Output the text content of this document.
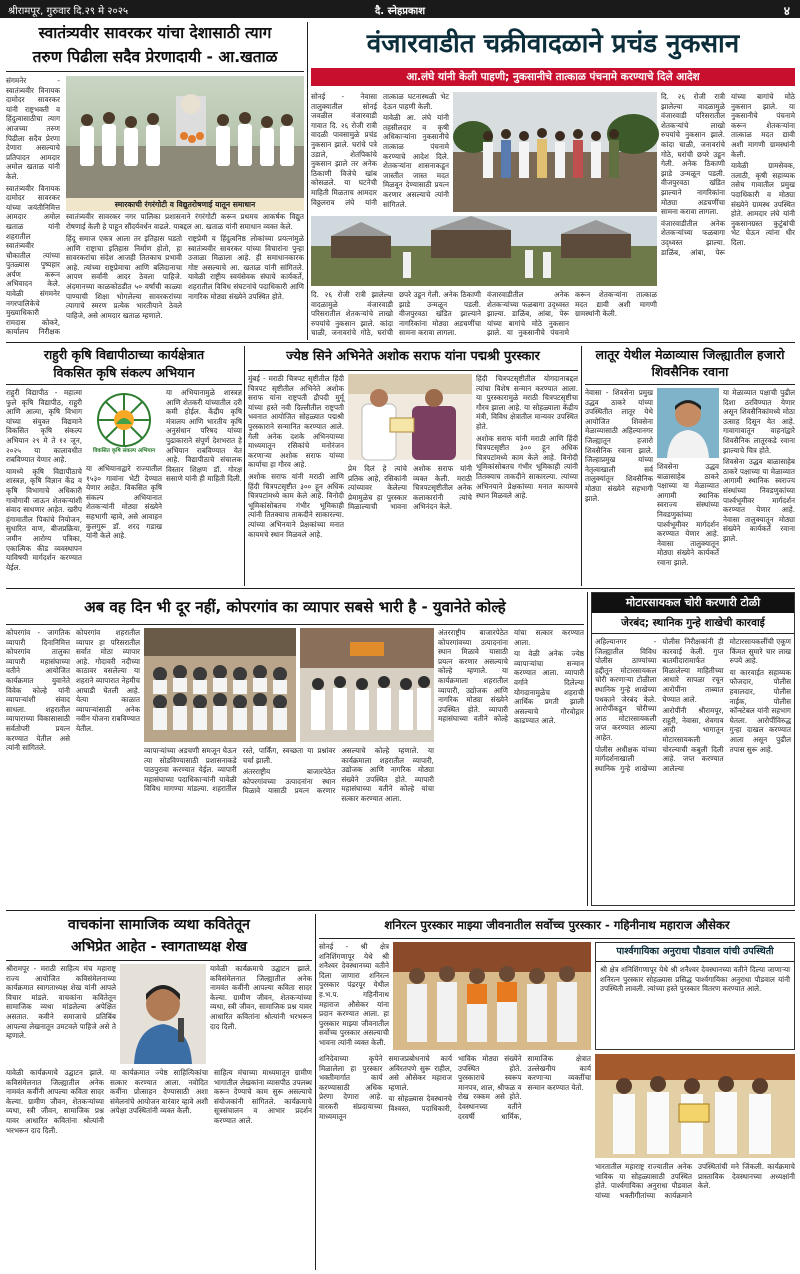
श्रीरामपूर, गुरुवार दि.२९ मे २०२५	दै. स्नेहप्रकाश	४
स्वातंत्र्यवीर सावरकर यांचा देशासाठी त्याग
तरुण पिढीला सदैव प्रेरणादायी - आ.खताळ

संगमनेर - स्वातंत्र्यवीर विनायक दामोदर सावरकर यांनी राष्ट्रभक्ती व हिंदुत्वासाठीचा त्याग आजच्या तरुण पिढीला सदैव प्रेरणा देणारा असल्याचे प्रतिपादन आमदार अमोल खताळ यांनी केले.

स्वातंत्र्यवीर विनायक दामोदर सावरकर यांच्या जयंतीनिमित्त आमदार अमोल खताळ यांनी शहरातील स्वातंत्र्यवीर चौकातील त्यांच्या पुतळ्यास पुष्पहार अर्पण करून अभिवादन केले. यावेळी संगमनेर नगरपालिकेचे मुख्याधिकारी रामदास कोकरे, कार्यालय निरीक्षक

स्मारकाची रंगरंगोटी व विद्युतरोषणाई यातून समाधान

स्वातंत्र्यवीर सावरकर नगर पालिका प्रशासनाने रंगरंगोटी करून प्रथमच आकर्षक विद्युत रोषणाई केली हे पाहून सौंदर्यवर्धन वाढले. याबद्दल आ. खताळ यांनी समाधान व्यक्त केले.

हिंदू समाज एकत्र आला तर इतिहास घडतो आणि राष्ट्राचा इतिहास निर्माण होतो, हा सावरकरांचा संदेश आजही तितकाच प्रभावी आहे. त्यांच्या राष्ट्रप्रेमाचा आणि बलिदानाचा आपण सर्वांनी आदर ठेवला पाहिजे. अंदमानच्या काळकोठडीत ५० वर्षांची काळ्या पाण्याची शिक्षा भोगलेल्या सावरकरांच्या त्यागाचे स्मरण प्रत्येक भारतीयाने ठेवले पाहिजे, असे आमदार खताळ म्हणाले.

राष्ट्रप्रेमी व हिंदुत्वनिष्ठ लोकांच्या प्रयत्नांमुळे स्वातंत्र्यवीर सावरकर यांच्या विचारांना पुन्हा उजाळा मिळाला आहे. ही समाधानकारक गोष्ट असल्याचे आ. खताळ यांनी सांगितले. यावेळी राष्ट्रीय स्वयंसेवक संघाचे कार्यकर्ते, शहरातील विविध संघटनांचे पदाधिकारी आणि नागरिक मोठ्या संख्येने उपस्थित होते.

वंजारवाडीत चक्रीवादळाने प्रचंड नुकसान
आ.लंघे यांनी केली पाहणी; नुकसानीचे तात्काळ पंचनामे करण्याचे दिले आदेश

सोनई - नेवासा तालुक्यातील सोनई जवळील वंजारवाडी गावात दि. २६ रोजी रात्री वादळी पावसामुळे प्रचंड नुकसान झाले. घरांचे पत्रे उडाले, शेतपिकांचे नुकसान झाले तर अनेक ठिकाणी विजेचे खांब कोसळले. या घटनेची माहिती मिळताच आमदार विठ्ठलराव लंघे यांनी तात्काळ घटनास्थळी भेट देऊन पाहणी केली.

यावेळी आ. लंघे यांनी तहसीलदार व कृषी अधिकाऱ्यांना नुकसानीचे तात्काळ पंचनामे करण्याचे आदेश दिले. शेतकऱ्यांना शासनाकडून जास्तीत जास्त मदत मिळवून देण्यासाठी प्रयत्न करणार असल्याचे त्यांनी सांगितले.

दि. २६ रोजी रात्री झालेल्या वादळामुळे वंजारवाडी परिसरातील शेतकऱ्यांचे लाखो रुपयांचे नुकसान झाले. कांदा चाळी, जनावरांचे गोठे, घरांची छपरे उडून गेली. अनेक ठिकाणी झाडे उन्मळून पडली. वीजपुरवठा खंडित झाल्याने नागरिकांना मोठ्या अडचणींचा सामना करावा लागला.

वंजारवाडीतील अनेक शेतकऱ्यांच्या फळबागा उद्ध्वस्त झाल्या. डाळिंब, आंबा, पेरू यांच्या बागांचे मोठे नुकसान झाले. या नुकसानीचे पंचनामे करून शेतकऱ्यांना तात्काळ मदत द्यावी अशी मागणी ग्रामस्थांनी केली.

यावेळी ग्रामसेवक, तलाठी, कृषी सहाय्यक तसेच गावातील प्रमुख पदाधिकारी व मोठ्या संख्येने ग्रामस्थ उपस्थित होते. आमदार लंघे यांनी नुकसानग्रस्त कुटुंबांची भेट घेऊन त्यांना धीर दिला.

दि. २६ रोजी रात्री झालेल्या वादळामुळे वंजारवाडी परिसरातील शेतकऱ्यांचे लाखो रुपयांचे नुकसान झाले. कांदा चाळी, जनावरांचे गोठे, घरांची छपरे उडून गेली. अनेक ठिकाणी झाडे उन्मळून पडली. वीजपुरवठा खंडित झाल्याने नागरिकांना मोठ्या अडचणींचा सामना करावा लागला.

वंजारवाडीतील अनेक शेतकऱ्यांच्या फळबागा उद्ध्वस्त झाल्या. डाळिंब, आंबा, पेरू यांच्या बागांचे मोठे नुकसान झाले. या नुकसानीचे पंचनामे करून शेतकऱ्यांना तात्काळ मदत द्यावी अशी मागणी ग्रामस्थांनी केली.

राहुरी कृषि विद्यापीठाच्या कार्यक्षेत्रात
विकसित कृषि संकल्प अभियान

राहुरी विद्यापीठ - महात्मा फुले कृषि विद्यापीठ, राहुरी आणि आत्मा, कृषि विभाग यांच्या संयुक्त विद्यमाने विकसित कृषि संकल्प अभियान २९ मे ते १२ जून, २०२५ या कालावधीत राबविण्यात येणार आहे.

यामध्ये कृषि विद्यापीठाचे शास्त्रज्ञ, कृषि विज्ञान केंद्र व कृषि विभागाचे अधिकारी गावोगावी जाऊन शेतकऱ्यांशी संवाद साधणार आहेत. खरीप हंगामातील पिकांचे नियोजन, सुधारित वाण, बीजप्रक्रिया, जमीन आरोग्य पत्रिका, एकात्मिक कीड व्यवस्थापन याविषयी मार्गदर्शन करण्यात येईल.

विकसित कृषि संकल्प अभियान

या अभियानाद्वारे राज्यातील १५३० गावांना भेटी देण्यात येणार आहेत. विकसित कृषि संकल्प अभियानात शेतकऱ्यांनी मोठ्या संख्येने सहभागी व्हावे, असे आवाहन कुलगुरू डॉ. शरद गडाख यांनी केले आहे.

या अभियानामुळे शास्त्रज्ञ आणि शेतकरी यांच्यातील दरी कमी होईल. केंद्रीय कृषि मंत्रालय आणि भारतीय कृषि अनुसंधान परिषद यांच्या पुढाकाराने संपूर्ण देशभरात हे अभियान राबविण्यात येत आहे. विद्यापीठाचे संचालक विस्तार शिक्षण डॉ. गोरक्ष ससाणे यांनी ही माहिती दिली.

ज्येष्ठ सिने अभिनेते अशोक सराफ यांना पद्मश्री पुरस्कार

मुंबई - मराठी चित्रपट सृष्टीतील हिंदी चित्रपट सृष्टीतील अभिनेते अशोक सराफ यांना राष्ट्रपती द्रौपदी मुर्मू यांच्या हस्ते नवी दिल्लीतील राष्ट्रपती भवनात आयोजित सोहळ्यात पद्मश्री पुरस्काराने सन्मानित करण्यात आले. गेली अनेक दशके अभिनयाच्या माध्यमातून रसिकांचे मनोरंजन करणाऱ्या अशोक सराफ यांच्या कार्याचा हा गौरव आहे.

अशोक सराफ यांनी मराठी आणि हिंदी चित्रपटसृष्टीत ३०० हून अधिक चित्रपटांमध्ये काम केले आहे. विनोदी भूमिकांसोबतच गंभीर भूमिकाही त्यांनी तितक्याच ताकदीने साकारल्या. त्यांच्या अभिनयाने प्रेक्षकांच्या मनात कायमचे स्थान मिळवले आहे.

प्रेम दिलं हे त्यांचे प्रतिक आहे, रसिकांनी त्यांच्यावर केलेल्या प्रेमामुळेच हा पुरस्कार मिळाल्याची भावना अशोक सराफ यांनी व्यक्त केली. मराठी चित्रपटसृष्टीतील अनेक कलाकारांनी त्यांचे अभिनंदन केले.

हिंदी चित्रपटसृष्टीतील योगदानाबद्दल त्यांचा विशेष सन्मान करण्यात आला. या पुरस्कारामुळे मराठी चित्रपटसृष्टीचा गौरव झाला आहे. या सोहळ्याला केंद्रीय मंत्री, विविध क्षेत्रातील मान्यवर उपस्थित होते.

अशोक सराफ यांनी मराठी आणि हिंदी चित्रपटसृष्टीत ३०० हून अधिक चित्रपटांमध्ये काम केले आहे. विनोदी भूमिकांसोबतच गंभीर भूमिकाही त्यांनी तितक्याच ताकदीने साकारल्या. त्यांच्या अभिनयाने प्रेक्षकांच्या मनात कायमचे स्थान मिळवले आहे.

लातूर येथील मेळाव्यास जिल्ह्यातील हजारो शिवसैनिक रवाना

नेवासा - शिवसेना प्रमुख उद्धव ठाकरे यांच्या उपस्थितीत लातूर येथे आयोजित शिवसेना मेळाव्यासाठी अहिल्यानगर जिल्ह्यातून हजारो शिवसैनिक रवाना झाले. जिल्हाप्रमुख यांच्या नेतृत्वाखाली सर्व तालुक्यांतून शिवसैनिक मोठ्या संख्येने सहभागी झाले.

शिवसेना उद्धव बाळासाहेब ठाकरे पक्षाच्या या मेळाव्यात आगामी स्थानिक स्वराज्य संस्थांच्या निवडणुकांच्या पार्श्वभूमीवर मार्गदर्शन करण्यात येणार आहे. नेवासा तालुक्यातून मोठ्या संख्येने कार्यकर्ते रवाना झाले.

या मेळाव्यात पक्षाची पुढील दिशा ठरविण्यात येणार असून शिवसैनिकांमध्ये मोठा उत्साह दिसून येत आहे. गावागावातून वाहनांद्वारे शिवसैनिक लातूरकडे रवाना झाल्याचे चित्र होते.

शिवसेना उद्धव बाळासाहेब ठाकरे पक्षाच्या या मेळाव्यात आगामी स्थानिक स्वराज्य संस्थांच्या निवडणुकांच्या पार्श्वभूमीवर मार्गदर्शन करण्यात येणार आहे. नेवासा तालुक्यातून मोठ्या संख्येने कार्यकर्ते रवाना झाले.

अब वह दिन भी दूर नहीं, कोपरगांव का व्यापार सबसे भारी है - युवानेते कोल्हे

कोपरगांव - जागतिक व्यापारी दिनानिमित्त कोपरगांव तालुका व्यापारी महासंघाच्या वतीने आयोजित कार्यक्रमात युवानेते विवेक कोल्हे यांनी व्यापाऱ्यांशी संवाद साधला. शहरातील व्यापाराच्या विकासासाठी सर्वतोपरी प्रयत्न करण्यात येतील असे त्यांनी सांगितले.

कोपरगांव शहरातील व्यापार हा परिसरातील सर्वात मोठा व्यापार आहे. गोदावरी नदीच्या काठावर वसलेल्या या शहराने व्यापारात नेहमीच आघाडी घेतली आहे. येत्या काळात व्यापाऱ्यांसाठी अनेक नवीन योजना राबविण्यात येतील.

व्यापाऱ्यांच्या अडचणी समजून घेऊन त्या सोडविण्यासाठी प्रशासनाकडे पाठपुरावा करण्यात येईल. व्यापारी महासंघाच्या पदाधिकाऱ्यांनी यावेळी विविध मागण्या मांडल्या. शहरातील रस्ते, पार्किंग, स्वच्छता या प्रश्नांवर चर्चा झाली.

अंतरराष्ट्रीय बाजारपेठेत कोपरगांवच्या उत्पादनांना स्थान मिळावे यासाठी प्रयत्न करणार असल्याचे कोल्हे म्हणाले. या कार्यक्रमाला शहरातील व्यापारी, उद्योजक आणि नागरिक मोठ्या संख्येने उपस्थित होते. व्यापारी महासंघाच्या वतीने कोल्हे यांचा सत्कार करण्यात आला.

अंतरराष्ट्रीय बाजारपेठेत कोपरगांवच्या उत्पादनांना स्थान मिळावे यासाठी प्रयत्न करणार असल्याचे कोल्हे म्हणाले. या कार्यक्रमाला शहरातील व्यापारी, उद्योजक आणि नागरिक मोठ्या संख्येने उपस्थित होते. व्यापारी महासंघाच्या वतीने कोल्हे यांचा सत्कार करण्यात आला.

या वेळी अनेक ज्येष्ठ व्यापाऱ्यांचा सन्मान करण्यात आला. व्यापारी वर्गाने दिलेल्या योगदानामुळेच शहराची आर्थिक प्रगती झाली असल्याचे गौरवोद्गार काढण्यात आले.

मोटारसायकल चोरी करणारी टोळी
जेरबंद; स्थानिक गुन्हे शाखेची कारवाई

अहिल्यानगर - जिल्ह्यातील विविध पोलीस ठाण्यांच्या हद्दीतून मोटारसायकल चोरी करणाऱ्या टोळीला स्थानिक गुन्हे शाखेच्या पथकाने जेरबंद केले. आरोपींकडून चोरीच्या आठ मोटारसायकली जप्त करण्यात आल्या आहेत.

पोलीस अधीक्षक यांच्या मार्गदर्शनाखाली स्थानिक गुन्हे शाखेच्या पोलीस निरीक्षकांनी ही कारवाई केली. गुप्त बातमीदारामार्फत मिळालेल्या माहितीच्या आधारे सापळा रचून आरोपींना ताब्यात घेण्यात आले.

आरोपींनी श्रीरामपूर, राहुरी, नेवासा, शेवगाव आदी भागातून मोटारसायकली चोरल्याची कबुली दिली आहे. जप्त करण्यात आलेल्या मोटारसायकलींची एकूण किंमत सुमारे चार लाख रुपये आहे.

या कारवाईत सहाय्यक फौजदार, पोलीस हवालदार, पोलीस नाईक, पोलीस कॉन्स्टेबल यांनी सहभाग घेतला. आरोपींविरुद्ध गुन्हा दाखल करण्यात आला असून पुढील तपास सुरू आहे.

वाचकांना सामाजिक व्यथा कवितेतून
अभिप्रेत आहेत - स्वागताध्यक्ष शेख

श्रीरामपूर - मराठी साहित्य मंच महाराष्ट्र राज्य आयोजित कविसंमेलनाच्या कार्यक्रमात स्वागताध्यक्ष शेख यांनी आपले विचार मांडले. वाचकांना कवितेतून सामाजिक व्यथा मांडलेल्या अपेक्षित असतात. कवीने समाजाचे प्रतिबिंब आपल्या लेखनातून उमटवले पाहिजे असे ते म्हणाले.

यावेळी कार्यक्रमाचे उद्घाटन झाले. कविसंमेलनात जिल्ह्यातील अनेक नामवंत कवींनी आपल्या कविता सादर केल्या. ग्रामीण जीवन, शेतकऱ्यांच्या व्यथा, स्त्री जीवन, सामाजिक प्रश्न यावर आधारित कवितांना श्रोत्यांनी भरभरून दाद दिली.

यावेळी कार्यक्रमाचे उद्घाटन झाले. कविसंमेलनात जिल्ह्यातील अनेक नामवंत कवींनी आपल्या कविता सादर केल्या. ग्रामीण जीवन, शेतकऱ्यांच्या व्यथा, स्त्री जीवन, सामाजिक प्रश्न यावर आधारित कवितांना श्रोत्यांनी भरभरून दाद दिली.

या कार्यक्रमात ज्येष्ठ साहित्यिकांचा सत्कार करण्यात आला. नवोदित कवींना प्रोत्साहन देण्यासाठी अशा संमेलनांचे आयोजन वारंवार व्हावे अशी अपेक्षा उपस्थितांनी व्यक्त केली.

साहित्य मंचाच्या माध्यमातून ग्रामीण भागातील लेखकांना व्यासपीठ उपलब्ध करून देण्याचे काम सुरू असल्याचे संयोजकांनी सांगितले. कार्यक्रमाचे सूत्रसंचालन व आभार प्रदर्शन करण्यात आले.

शनिरत्न पुरस्कार माझ्या जीवनातील सर्वोच्च पुरस्कार - गहिनीनाथ महाराज औसेकर

सोनई - श्री क्षेत्र शनिशिंगणापूर येथे श्री शनैश्वर देवस्थानच्या वतीने दिला जाणारा शनिरत्न पुरस्कार पंढरपूर येथील ह.भ.प. गहिनीनाथ महाराज औसेकर यांना प्रदान करण्यात आला. हा पुरस्कार माझ्या जीवनातील सर्वोच्च पुरस्कार असल्याची भावना त्यांनी व्यक्त केली.

पार्श्वगायिका अनुराधा पौडवाल यांची उपस्थिती
श्री क्षेत्र शनिशिंगणापूर येथे श्री शनैश्वर देवस्थानच्या वतीने दिल्या जाणाऱ्या शनिरत्न पुरस्कार सोहळ्यास प्रसिद्ध पार्श्वगायिका अनुराधा पौडवाल यांनी उपस्थिती लावली. त्यांच्या हस्ते पुरस्कार वितरण करण्यात आले.

शनिदेवाच्या कृपेने मिळालेला हा पुरस्कार भक्तीमार्गात कार्य करण्यासाठी अधिक प्रेरणा देणारा आहे. वारकरी संप्रदायाच्या माध्यमातून समाजप्रबोधनाचे कार्य अविरतपणे सुरू राहील, असे औसेकर महाराज म्हणाले.

या सोहळ्यास देवस्थानचे विश्वस्त, पदाधिकारी, भाविक मोठ्या संख्येने उपस्थित होते. पुरस्काराचे स्वरूप मानपत्र, शाल, श्रीफळ व रोख रक्कम असे होते. देवस्थानच्या वतीने दरवर्षी धार्मिक, सामाजिक क्षेत्रात उल्लेखनीय कार्य करणाऱ्या व्यक्तींचा सन्मान करण्यात येतो.

भारतातील महाराष्ट्र राज्यातील अनेक भाविक या सोहळ्यासाठी उपस्थित होते. पार्श्वगायिका अनुराधा पौडवाल यांच्या भक्तीगीतांच्या कार्यक्रमाने उपस्थितांची मने जिंकली. कार्यक्रमाचे प्रास्ताविक देवस्थानच्या अध्यक्षांनी केले.
